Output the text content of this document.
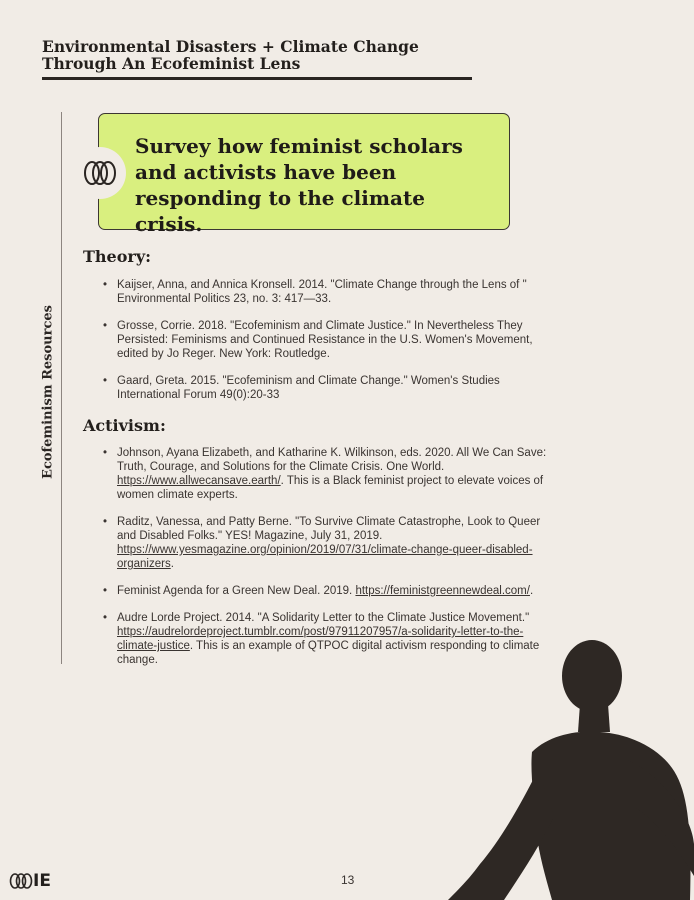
Environmental Disasters + Climate Change Through An Ecofeminist Lens
Ecofeminism Resources
Survey how feminist scholars and activists have been responding to the climate crisis.
Theory:
• Kaijser, Anna, and Annica Kronsell. 2014. "Climate Change through the Lens of " Environmental Politics 23, no. 3: 417—33.
• Grosse, Corrie. 2018. "Ecofeminism and Climate Justice." In Nevertheless They Persisted: Feminisms and Continued Resistance in the U.S. Women's Movement, edited by Jo Reger. New York: Routledge.
• Gaard, Greta. 2015. "Ecofeminism and Climate Change." Women's Studies International Forum 49(0):20-33
Activism:
• Johnson, Ayana Elizabeth, and Katharine K. Wilkinson, eds. 2020. All We Can Save: Truth, Courage, and Solutions for the Climate Crisis. One World. https://www.allwecansave.earth/. This is a Black feminist project to elevate voices of women climate experts.
• Raditz, Vanessa, and Patty Berne. "To Survive Climate Catastrophe, Look to Queer and Disabled Folks." YES! Magazine, July 31, 2019. https://www.yesmagazine.org/opinion/2019/07/31/climate-change-queer-disabled-organizers.
• Feminist Agenda for a Green New Deal. 2019. https://feministgreennewdeal.com/.
• Audre Lorde Project. 2014. "A Solidarity Letter to the Climate Justice Movement." https://audrelordeproject.tumblr.com/post/97911207957/a-solidarity-letter-to-the-climate-justice. This is an example of QTPOC digital activism responding to climate change.
13
IE
